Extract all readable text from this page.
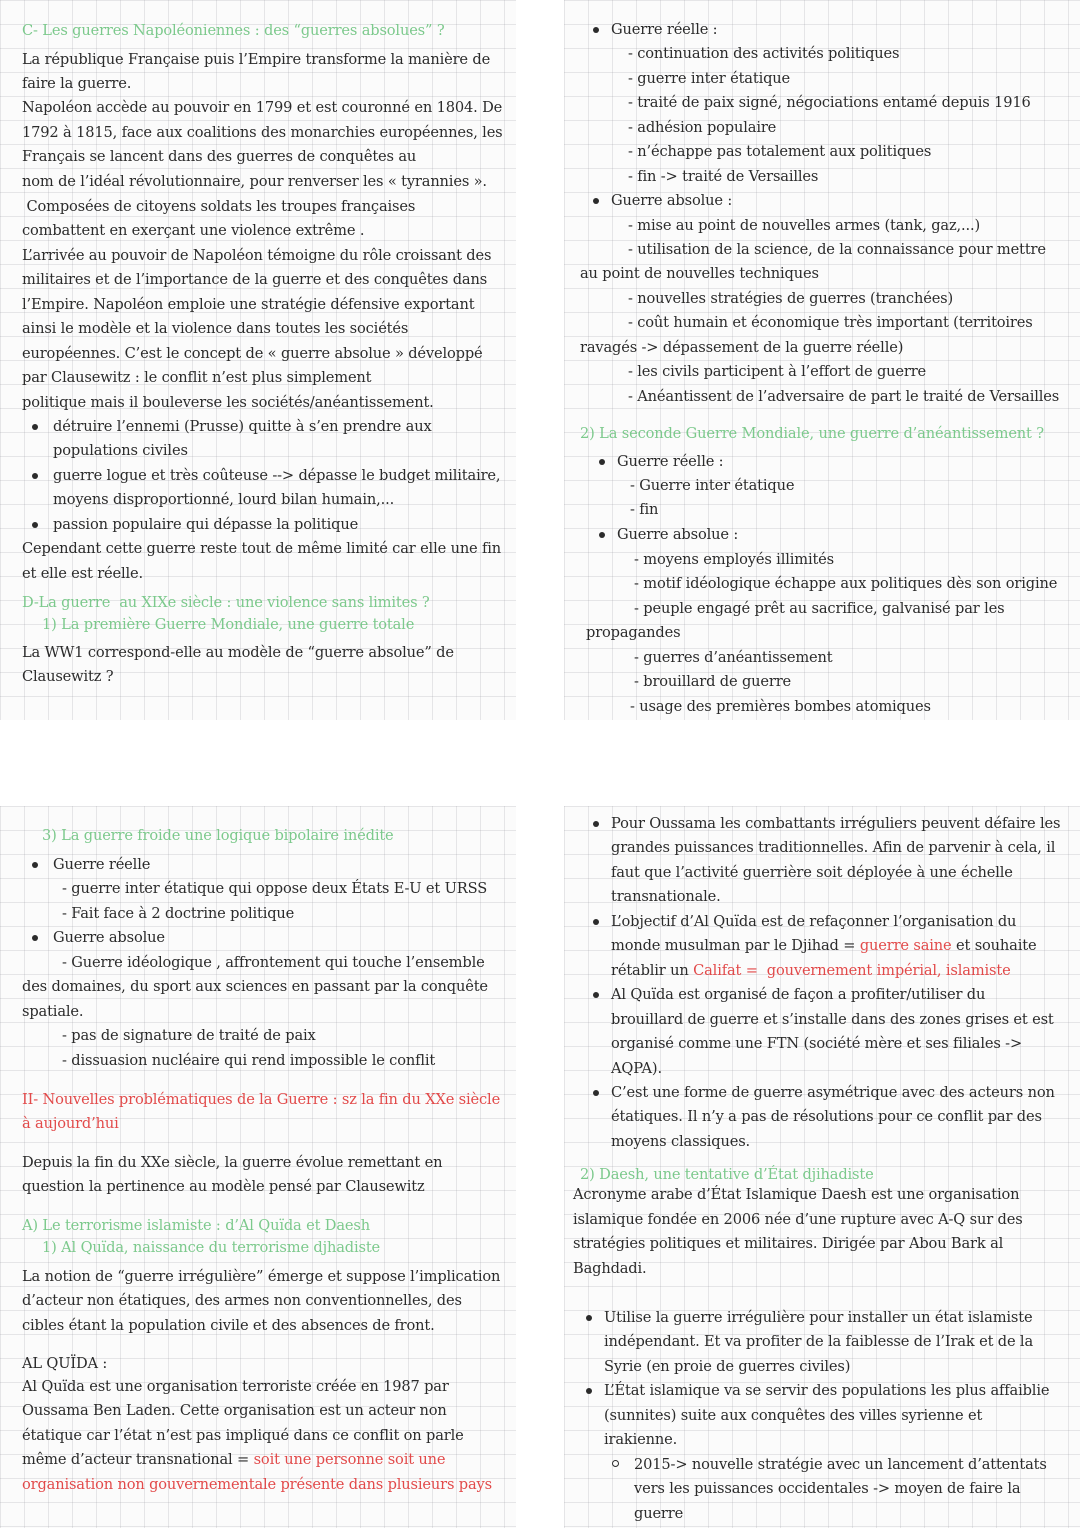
C- Les guerres Napoléoniennes : des “guerres absolues” ?
La république Française puis l’Empire transforme la manière de
faire la guerre.
Napoléon accède au pouvoir en 1799 et est couronné en 1804. De
1792 à 1815, face aux coalitions des monarchies européennes, les
Français se lancent dans des guerres de conquêtes au
nom de l’idéal révolutionnaire, pour renverser les « tyrannies ».
Composées de citoyens soldats les troupes françaises
combattent en exerçant une violence extrême .
L’arrivée au pouvoir de Napoléon témoigne du rôle croissant des
militaires et de l’importance de la guerre et des conquêtes dans
l’Empire. Napoléon emploie une stratégie défensive exportant
ainsi le modèle et la violence dans toutes les sociétés
européennes. C’est le concept de « guerre absolue » développé
par Clausewitz : le conflit n’est plus simplement
politique mais il bouleverse les sociétés/anéantissement.
détruire l’ennemi (Prusse) quitte à s’en prendre aux
populations civiles
guerre logue et très coûteuse --> dépasse le budget militaire,
moyens disproportionné, lourd bilan humain,...
passion populaire qui dépasse la politique
Cependant cette guerre reste tout de même limité car elle une fin
et elle est réelle.
D-La guerre  au XIXe siècle : une violence sans limites ?
1) La première Guerre Mondiale, une guerre totale
La WW1 correspond-elle au modèle de “guerre absolue” de
Clausewitz ?
Guerre réelle :
- continuation des activités politiques
- guerre inter étatique
- traité de paix signé, négociations entamé depuis 1916
- adhésion populaire
- n’échappe pas totalement aux politiques
- fin -> traité de Versailles
Guerre absolue :
- mise au point de nouvelles armes (tank, gaz,...)
- utilisation de la science, de la connaissance pour mettre
au point de nouvelles techniques
- nouvelles stratégies de guerres (tranchées)
- coût humain et économique très important (territoires
ravagés -> dépassement de la guerre réelle)
- les civils participent à l’effort de guerre
- Anéantissent de l’adversaire de part le traité de Versailles
2) La seconde Guerre Mondiale, une guerre d’anéantissement ?
Guerre réelle :
- Guerre inter étatique
- fin
Guerre absolue :
- moyens employés illimités
- motif idéologique échappe aux politiques dès son origine
- peuple engagé prêt au sacrifice, galvanisé par les
propagandes
- guerres d’anéantissement
- brouillard de guerre
- usage des premières bombes atomiques
3) La guerre froide une logique bipolaire inédite
Guerre réelle
- guerre inter étatique qui oppose deux États E-U et URSS
- Fait face à 2 doctrine politique
Guerre absolue
- Guerre idéologique , affrontement qui touche l’ensemble
des domaines, du sport aux sciences en passant par la conquête
spatiale.
- pas de signature de traité de paix
- dissuasion nucléaire qui rend impossible le conflit
II- Nouvelles problématiques de la Guerre : sz la fin du XXe siècle
à aujourd’hui
Depuis la fin du XXe siècle, la guerre évolue remettant en
question la pertinence au modèle pensé par Clausewitz
A) Le terrorisme islamiste : d’Al Quïda et Daesh
1) Al Quïda, naissance du terrorisme djhadiste
La notion de “guerre irrégulière” émerge et suppose l’implication
d’acteur non étatiques, des armes non conventionnelles, des
cibles étant la population civile et des absences de front.
AL QUÏDA :
Al Quïda est une organisation terroriste créée en 1987 par
Oussama Ben Laden. Cette organisation est un acteur non
étatique car l’état n’est pas impliqué dans ce conflit on parle
même d’acteur transnational = soit une personne soit une
organisation non gouvernementale présente dans plusieurs pays
Pour Oussama les combattants irréguliers peuvent défaire les
grandes puissances traditionnelles. Afin de parvenir à cela, il
faut que l’activité guerrière soit déployée à une échelle
transnationale.
L’objectif d’Al Quïda est de refaçonner l’organisation du
monde musulman par le Djihad = guerre saine et souhaite
rétablir un Califat =  gouvernement impérial, islamiste
Al Quïda est organisé de façon a profiter/utiliser du
brouillard de guerre et s’installe dans des zones grises et est
organisé comme une FTN (société mère et ses filiales ->
AQPA).
C’est une forme de guerre asymétrique avec des acteurs non
étatiques. Il n’y a pas de résolutions pour ce conflit par des
moyens classiques.
2) Daesh, une tentative d’État djihadiste
Acronyme arabe d’État Islamique Daesh est une organisation
islamique fondée en 2006 née d’une rupture avec A-Q sur des
stratégies politiques et militaires. Dirigée par Abou Bark al
Baghdadi.
Utilise la guerre irrégulière pour installer un état islamiste
indépendant. Et va profiter de la faiblesse de l’Irak et de la
Syrie (en proie de guerres civiles)
L’État islamique va se servir des populations les plus affaiblie
(sunnites) suite aux conquêtes des villes syrienne et
irakienne.
2015-> nouvelle stratégie avec un lancement d’attentats
vers les puissances occidentales -> moyen de faire la
guerre
